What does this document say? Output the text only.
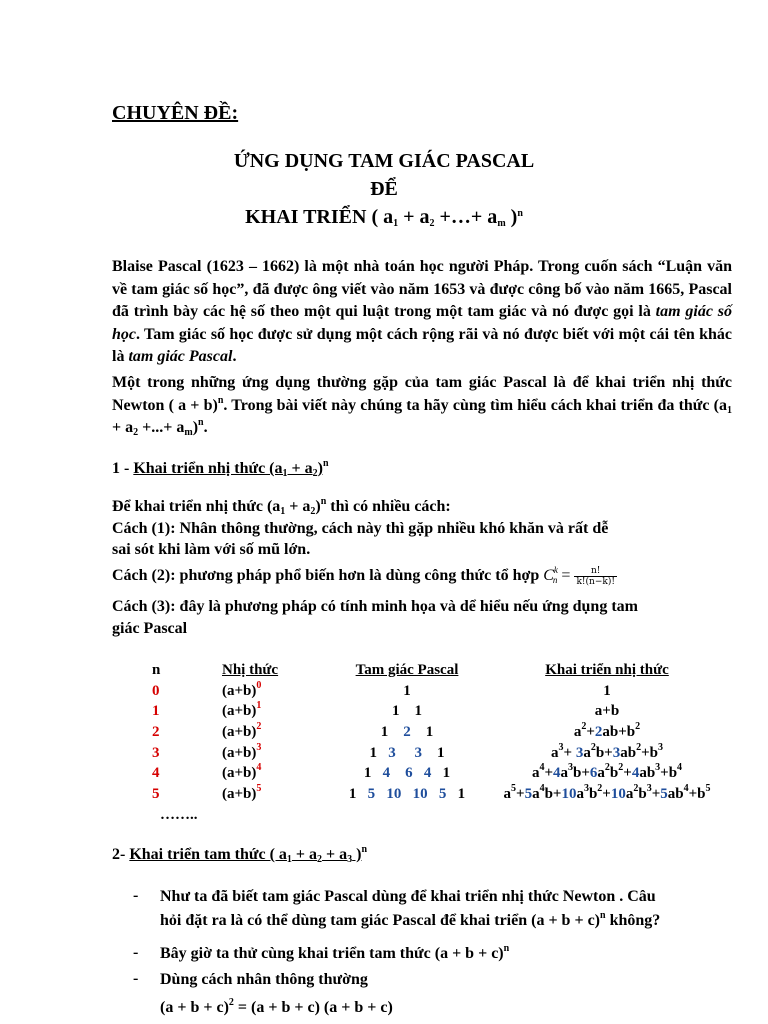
CHUYÊN ĐỀ:
ỨNG DỤNG TAM GIÁC PASCAL
ĐỂ
KHAI TRIỂN ( $a_1 + a_2$ +…+ $a_m$ )$^n$
Blaise Pascal (1623 – 1662) là một nhà toán học người Pháp. Trong cuốn sách “Luận văn về tam giác số học”, đã được ông viết vào năm 1653 và được công bố vào năm 1665, Pascal đã trình bày các hệ số theo một qui luật trong một tam giác và nó được gọi là tam giác số học. Tam giác số học được sử dụng một cách rộng rãi và nó được biết với một cái tên khác là tam giác Pascal.
Một trong những ứng dụng thường gặp của tam giác Pascal là để khai triển nhị thức Newton ( a + b)$^n$. Trong bài viết này chúng ta hãy cùng tìm hiểu cách khai triển đa thức ($a_1 + a_2$ +...+ $a_m)^n$.
1 - Khai triển nhị thức $(a_1 + a_2)^n$
Để khai triển nhị thức $(a_1 + a_2)^n$ thì có nhiều cách:
Cách (1): Nhân thông thường, cách này thì gặp nhiều khó khăn và rất dễ
sai sót khi làm với số mũ lớn.
Cách (2): phương pháp phổ biến hơn là dùng công thức tổ hợp $C^k_n = \frac{n!}{k!(n-k)!}$
Cách (3): đây là phương pháp có tính minh họa và dể hiểu nếu ứng dụng tam
giác Pascal
n	Nhị thức	Tam giác Pascal	Khai triển nhị thức
0	$(a+b)^0$	1	1
1	$(a+b)^1$	1    1	a+b
2	$(a+b)^2$	1    2    1	$a^2+2ab+b^2$
3	$(a+b)^3$	1   3 3    1	$a^3+ 3a^2b+3ab^2+b^3$
4	$(a+b)^4$	1   4 6 4   1	$a^4+4a^3b+6a^2b^2+4ab^3+b^4$
5	$(a+b)^5$	1   5 10 10 5   1	$a^5+5a^4b+10a^3b^2+10a^2b^3+5ab^4+b^5$
……..			
2- Khai triển tam thức ( $a_1 + a_2 + a_3$ )$^n$
- Như ta đã biết tam giác Pascal dùng để khai triển nhị thức Newton . Câu
hỏi đặt ra là có thể dùng tam giác Pascal để khai triển $(a + b + c)^n$ không?
- Bây giờ ta thử cùng khai triển tam thức $(a + b + c)^n$
- Dùng cách nhân thông thường
$(a + b + c)^2 = (a + b + c)$ (a + b + c)
